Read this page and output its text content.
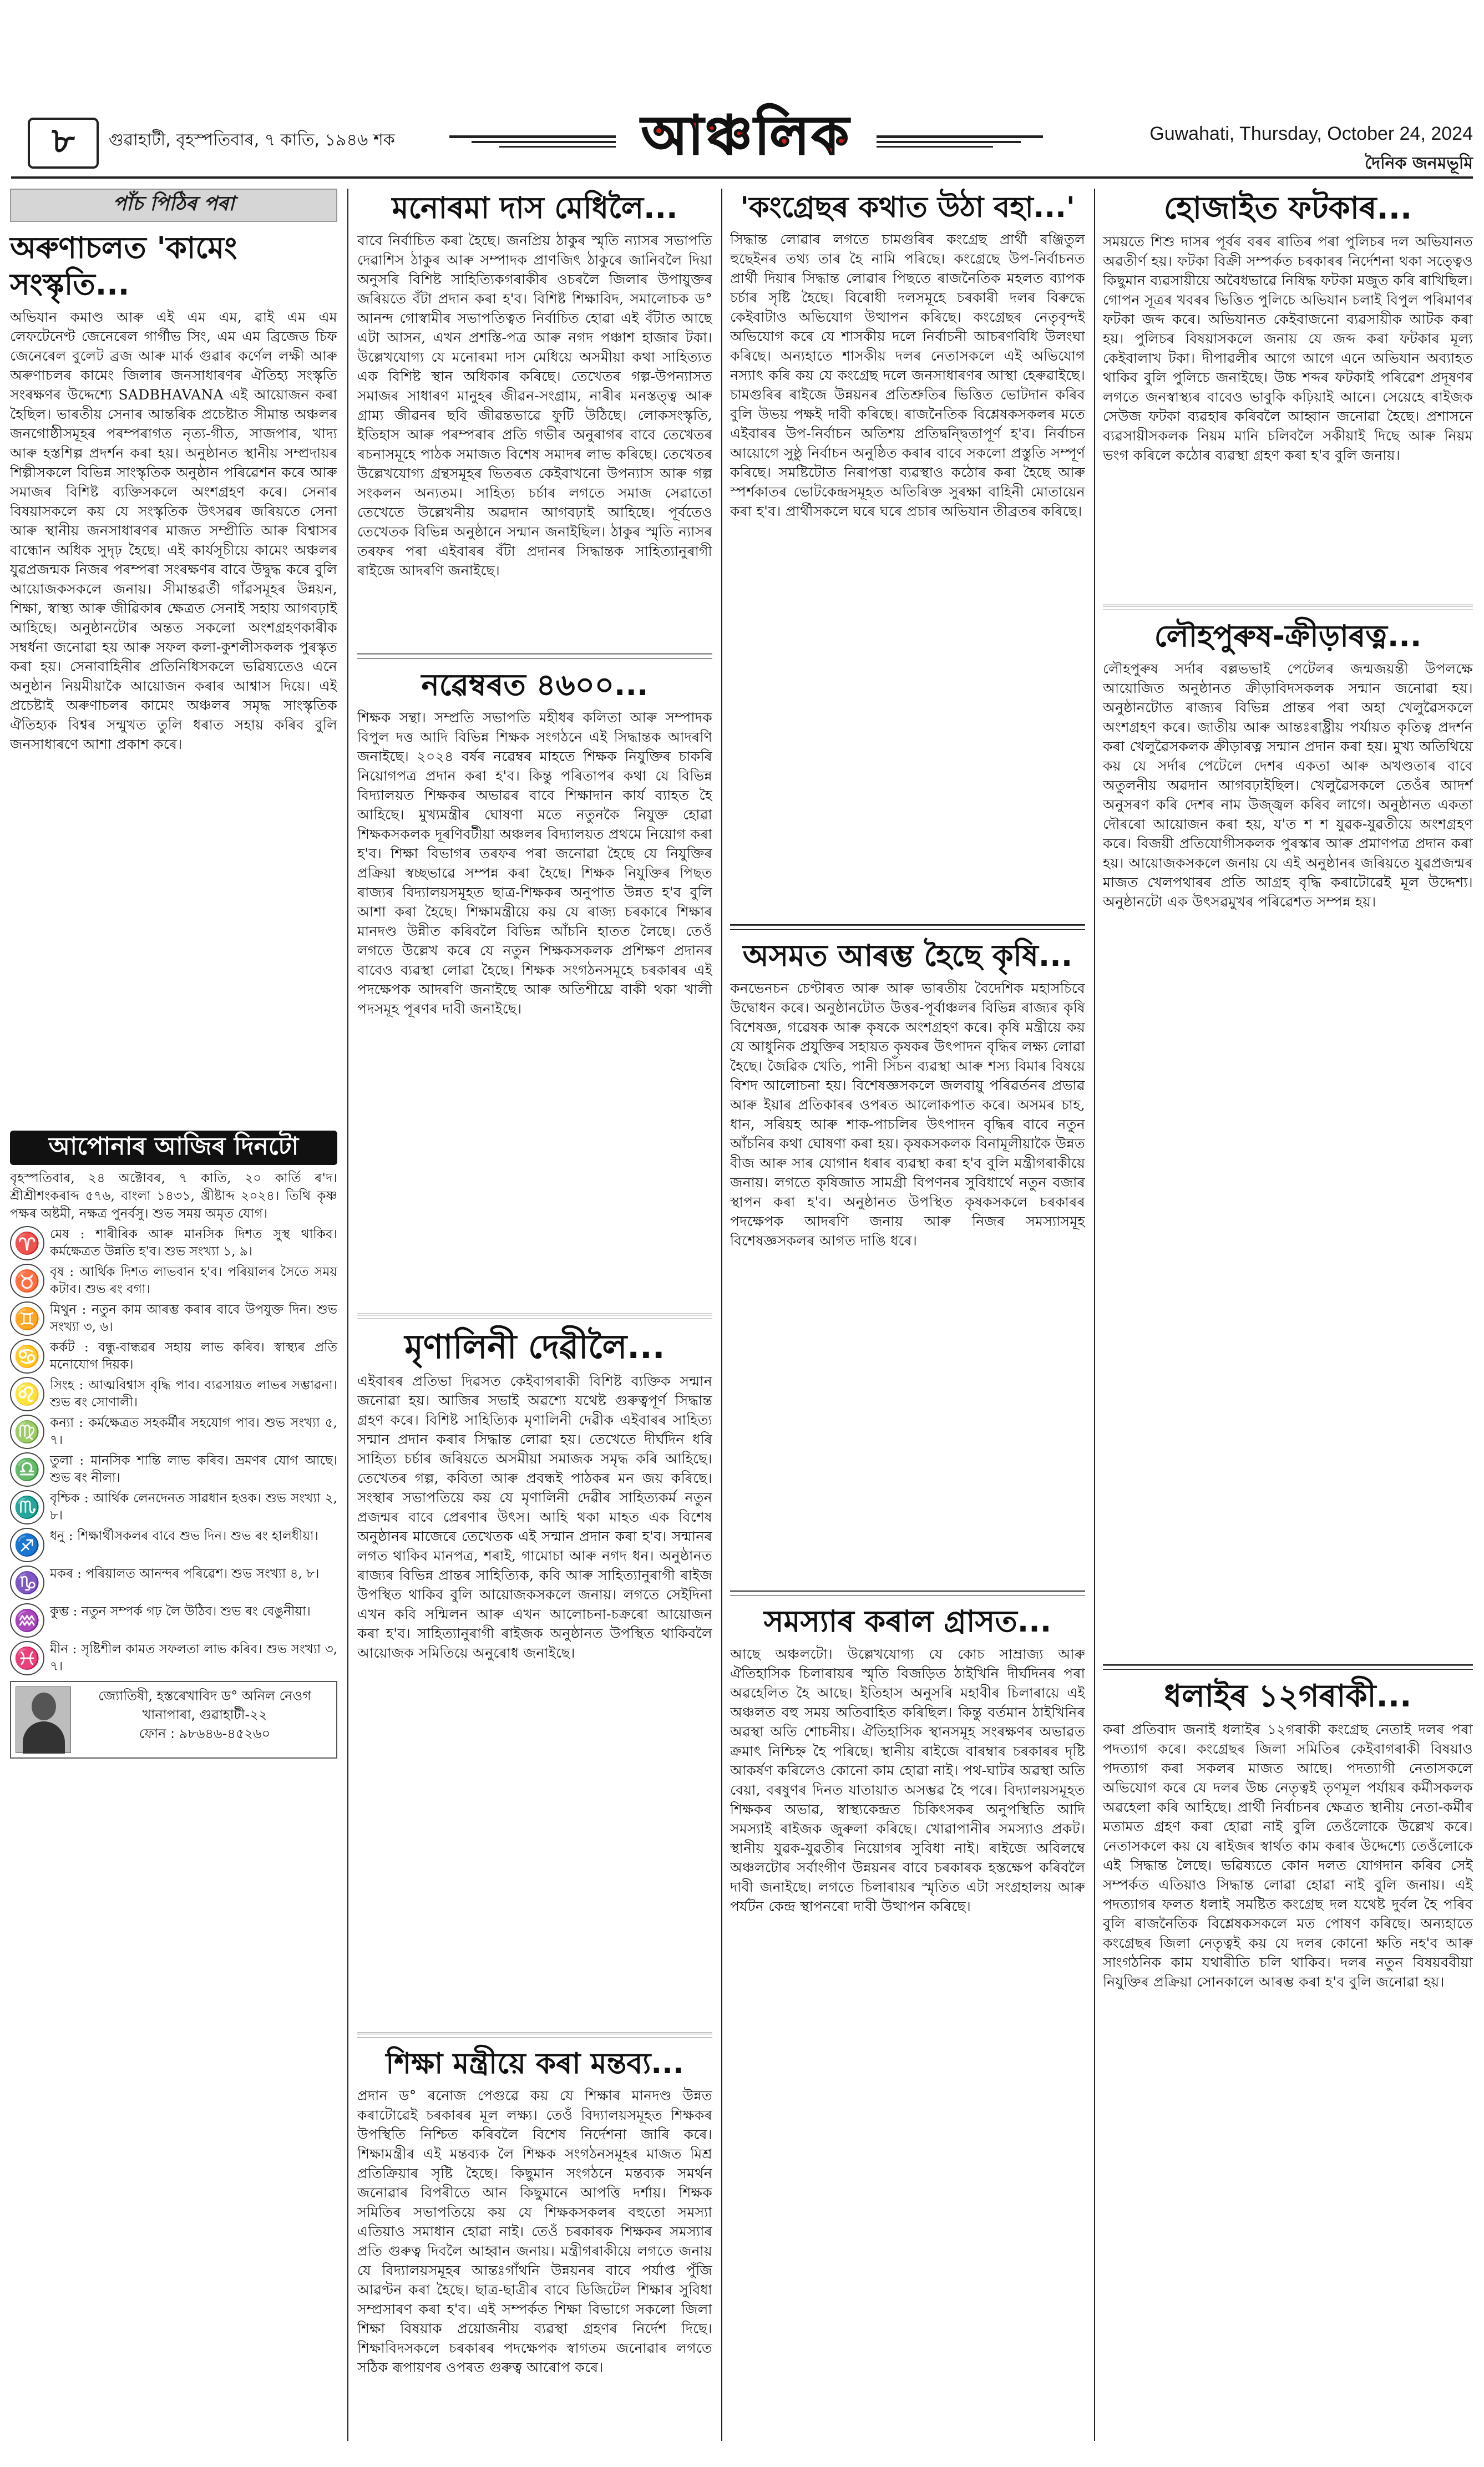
৮	গুৱাহাটী, বৃহস্পতিবাৰ, ৭ কাতি, ১৯৪৬ শক	আঞ্চলিক	Guwahati, Thursday, October 24, 2024
দৈনিক জনমভূমি
পাঁচ পিঠিৰ পৰা
অৰুণাচলত 'কামেং সংস্কৃতি...
অভিযান কমাণ্ড আৰু এই এম এম, ৱাই এম এম লেফটেনেণ্ট জেনেৰেল গাৰ্গীভ সিং, এম এম ব্ৰিজেড চিফ জেনেৰেল বুলেট ব্ৰজ আৰু মাৰ্ক গুৱাৰ কৰ্ণেল লক্ষী আৰু অৰুণাচলৰ কামেং জিলাৰ জনসাধাৰণৰ ঐতিহ্য সংস্কৃতি সংৰক্ষণৰ উদ্দেশ্যে SADBHAVANA এই আয়োজন কৰা হৈছিল। ভাৰতীয় সেনাৰ আন্তৰিক প্ৰচেষ্টাত সীমান্ত অঞ্চলৰ জনগোষ্ঠীসমূহৰ পৰম্পৰাগত নৃত্য-গীত, সাজপাৰ, খাদ্য আৰু হস্তশিল্প প্ৰদৰ্শন কৰা হয়। অনুষ্ঠানত স্থানীয় সম্প্ৰদায়ৰ শিল্পীসকলে বিভিন্ন সাংস্কৃতিক অনুষ্ঠান পৰিৱেশন কৰে আৰু সমাজৰ বিশিষ্ট ব্যক্তিসকলে অংশগ্ৰহণ কৰে। সেনাৰ বিষয়াসকলে কয় যে সংস্কৃতিক উৎসৱৰ জৰিয়তে সেনা আৰু স্থানীয় জনসাধাৰণৰ মাজত সম্প্ৰীতি আৰু বিশ্বাসৰ বান্ধোন অধিক সুদৃঢ় হৈছে। এই কাৰ্যসূচীয়ে কামেং অঞ্চলৰ যুৱপ্ৰজন্মক নিজৰ পৰম্পৰা সংৰক্ষণৰ বাবে উদ্বুদ্ধ কৰে বুলি আয়োজকসকলে জনায়। সীমান্তৱৰ্তী গাঁৱসমূহৰ উন্নয়ন, শিক্ষা, স্বাস্থ্য আৰু জীৱিকাৰ ক্ষেত্ৰত সেনাই সহায় আগবঢ়াই আহিছে। অনুষ্ঠানটোৰ অন্তত সকলো অংশগ্ৰহণকাৰীক সম্বৰ্ধনা জনোৱা হয় আৰু সফল কলা-কুশলীসকলক পুৰস্কৃত কৰা হয়। সেনাবাহিনীৰ প্ৰতিনিধিসকলে ভৱিষ্যতেও এনে অনুষ্ঠান নিয়মীয়াকৈ আয়োজন কৰাৰ আশ্বাস দিয়ে। এই প্ৰচেষ্টাই অৰুণাচলৰ কামেং অঞ্চলৰ সমৃদ্ধ সাংস্কৃতিক ঐতিহ্যক বিশ্বৰ সন্মুখত তুলি ধৰাত সহায় কৰিব বুলি জনসাধাৰণে আশা প্ৰকাশ কৰে।
আপোনাৰ আজিৰ দিনটো
বৃহস্পতিবাৰ, ২৪ অক্টোবৰ, ৭ কাতি, ২০ কাৰ্তি ৰ'দ। শ্ৰীশ্ৰীশংকৰাব্দ ৫৭৬, বাংলা ১৪৩১, খ্ৰীষ্টাব্দ ২০২৪। তিথি কৃষ্ণ পক্ষৰ অষ্টমী, নক্ষত্ৰ পুনৰ্বসু। শুভ সময় অমৃত যোগ।
♈ মেষ : শাৰীৰিক আৰু মানসিক দিশত সুস্থ থাকিব। কৰ্মক্ষেত্ৰত উন্নতি হ'ব। শুভ সংখ্যা ১, ৯।
♉ বৃষ : আৰ্থিক দিশত লাভবান হ'ব। পৰিয়ালৰ সৈতে সময় কটাব। শুভ ৰং বগা।
♊ মিথুন : নতুন কাম আৰম্ভ কৰাৰ বাবে উপযুক্ত দিন। শুভ সংখ্যা ৩, ৬।
♋ কৰ্কট : বন্ধু-বান্ধৱৰ সহায় লাভ কৰিব। স্বাস্থ্যৰ প্ৰতি মনোযোগ দিয়ক।
♌ সিংহ : আত্মবিশ্বাস বৃদ্ধি পাব। ব্যৱসায়ত লাভৰ সম্ভাৱনা। শুভ ৰং সোণালী।
♍ কন্যা : কৰ্মক্ষেত্ৰত সহকৰ্মীৰ সহযোগ পাব। শুভ সংখ্যা ৫, ৭।
♎ তুলা : মানসিক শান্তি লাভ কৰিব। ভ্ৰমণৰ যোগ আছে। শুভ ৰং নীলা।
♏ বৃশ্চিক : আৰ্থিক লেনদেনত সাৱধান হওক। শুভ সংখ্যা ২, ৮।
♐ ধনু : শিক্ষাৰ্থীসকলৰ বাবে শুভ দিন। শুভ ৰং হালধীয়া।
♑ মকৰ : পৰিয়ালত আনন্দৰ পৰিৱেশ। শুভ সংখ্যা ৪, ৮।
♒ কুম্ভ : নতুন সম্পৰ্ক গঢ় লৈ উঠিব। শুভ ৰং বেঙুনীয়া।
♓ মীন : সৃষ্টিশীল কামত সফলতা লাভ কৰিব। শুভ সংখ্যা ৩, ৭।
জ্যোতিষী, হস্তৰেখাবিদ ড° অনিল নেওগ
খানাপাৰা, গুৱাহাটী-২২
ফোন : ৯৮৬৪৬-৪৫২৬০
মনোৰমা দাস মেধিলৈ...
বাবে নিৰ্বাচিত কৰা হৈছে। জনপ্ৰিয় ঠাকুৰ স্মৃতি ন্যাসৰ সভাপতি দেৱাশিস ঠাকুৰ আৰু সম্পাদক প্ৰাণজিৎ ঠাকুৰে জানিবলৈ দিয়া অনুসৰি বিশিষ্ট সাহিত্যিকগৰাকীৰ ওচৰলৈ জিলাৰ উপায়ুক্তৰ জৰিয়তে বঁটা প্ৰদান কৰা হ'ব। বিশিষ্ট শিক্ষাবিদ, সমালোচক ড° আনন্দ গোস্বামীৰ সভাপতিত্বত নিৰ্বাচিত হোৱা এই বঁটাত আছে এটা আসন, এখন প্ৰশস্তি-পত্ৰ আৰু নগদ পঞ্চাশ হাজাৰ টকা। উল্লেখযোগ্য যে মনোৰমা দাস মেধিয়ে অসমীয়া কথা সাহিত্যত এক বিশিষ্ট স্থান অধিকাৰ কৰিছে। তেখেতৰ গল্প-উপন্যাসত সমাজৰ সাধাৰণ মানুহৰ জীৱন-সংগ্ৰাম, নাৰীৰ মনস্তত্ত্ব আৰু গ্ৰাম্য জীৱনৰ ছবি জীৱন্তভাৱে ফুটি উঠিছে। লোকসংস্কৃতি, ইতিহাস আৰু পৰম্পৰাৰ প্ৰতি গভীৰ অনুৰাগৰ বাবে তেখেতৰ ৰচনাসমূহে পাঠক সমাজত বিশেষ সমাদৰ লাভ কৰিছে। তেখেতৰ উল্লেখযোগ্য গ্ৰন্থসমূহৰ ভিতৰত কেইবাখনো উপন্যাস আৰু গল্প সংকলন অন্যতম। সাহিত্য চৰ্চাৰ লগতে সমাজ সেৱাতো তেখেতে উল্লেখনীয় অৱদান আগবঢ়াই আহিছে। পূৰ্বতেও তেখেতক বিভিন্ন অনুষ্ঠানে সন্মান জনাইছিল। ঠাকুৰ স্মৃতি ন্যাসৰ তৰফৰ পৰা এইবাৰৰ বঁটা প্ৰদানৰ সিদ্ধান্তক সাহিত্যানুৰাগী ৰাইজে আদৰণি জনাইছে।
নৱেম্বৰত ৪৬০০...
শিক্ষক সন্থা। সম্প্ৰতি সভাপতি মহীধৰ কলিতা আৰু সম্পাদক বিপুল দত্ত আদি বিভিন্ন শিক্ষক সংগঠনে এই সিদ্ধান্তক আদৰণি জনাইছে। ২০২৪ বৰ্ষৰ নৱেম্বৰ মাহতে শিক্ষক নিযুক্তিৰ চাকৰি নিয়োগপত্ৰ প্ৰদান কৰা হ'ব। কিন্তু পৰিতাপৰ কথা যে বিভিন্ন বিদ্যালয়ত শিক্ষকৰ অভাৱৰ বাবে শিক্ষাদান কাৰ্য ব্যাহত হৈ আহিছে। মুখ্যমন্ত্ৰীৰ ঘোষণা মতে নতুনকৈ নিযুক্ত হোৱা শিক্ষকসকলক দূৰণিবটীয়া অঞ্চলৰ বিদ্যালয়ত প্ৰথমে নিয়োগ কৰা হ'ব। শিক্ষা বিভাগৰ তৰফৰ পৰা জনোৱা হৈছে যে নিযুক্তিৰ প্ৰক্ৰিয়া স্বচ্ছভাৱে সম্পন্ন কৰা হৈছে। শিক্ষক নিযুক্তিৰ পিছত ৰাজ্যৰ বিদ্যালয়সমূহত ছাত্ৰ-শিক্ষকৰ অনুপাত উন্নত হ'ব বুলি আশা কৰা হৈছে। শিক্ষামন্ত্ৰীয়ে কয় যে ৰাজ্য চৰকাৰে শিক্ষাৰ মানদণ্ড উন্নীত কৰিবলৈ বিভিন্ন আঁচনি হাতত লৈছে। তেওঁ লগতে উল্লেখ কৰে যে নতুন শিক্ষকসকলক প্ৰশিক্ষণ প্ৰদানৰ বাবেও ব্যৱস্থা লোৱা হৈছে। শিক্ষক সংগঠনসমূহে চৰকাৰৰ এই পদক্ষেপক আদৰণি জনাইছে আৰু অতিশীঘ্ৰে বাকী থকা খালী পদসমূহ পূৰণৰ দাবী জনাইছে।
মৃণালিনী দেৱীলৈ...
এইবাৰৰ প্ৰতিভা দিৱসত কেইবাগৰাকী বিশিষ্ট ব্যক্তিক সন্মান জনোৱা হয়। আজিৰ সভাই অৱশ্যে যথেষ্ট গুৰুত্বপূৰ্ণ সিদ্ধান্ত গ্ৰহণ কৰে। বিশিষ্ট সাহিত্যিক মৃণালিনী দেৱীক এইবাৰৰ সাহিত্য সন্মান প্ৰদান কৰাৰ সিদ্ধান্ত লোৱা হয়। তেখেতে দীৰ্ঘদিন ধৰি সাহিত্য চৰ্চাৰ জৰিয়তে অসমীয়া সমাজক সমৃদ্ধ কৰি আহিছে। তেখেতৰ গল্প, কবিতা আৰু প্ৰবন্ধই পাঠকৰ মন জয় কৰিছে। সংস্থাৰ সভাপতিয়ে কয় যে মৃণালিনী দেৱীৰ সাহিত্যকৰ্ম নতুন প্ৰজন্মৰ বাবে প্ৰেৰণাৰ উৎস। আহি থকা মাহত এক বিশেষ অনুষ্ঠানৰ মাজেৰে তেখেতক এই সন্মান প্ৰদান কৰা হ'ব। সন্মানৰ লগত থাকিব মানপত্ৰ, শৰাই, গামোচা আৰু নগদ ধন। অনুষ্ঠানত ৰাজ্যৰ বিভিন্ন প্ৰান্তৰ সাহিত্যিক, কবি আৰু সাহিত্যানুৰাগী ৰাইজ উপস্থিত থাকিব বুলি আয়োজকসকলে জনায়। লগতে সেইদিনা এখন কবি সন্মিলন আৰু এখন আলোচনা-চক্ৰৰো আয়োজন কৰা হ'ব। সাহিত্যানুৰাগী ৰাইজক অনুষ্ঠানত উপস্থিত থাকিবলৈ আয়োজক সমিতিয়ে অনুৰোধ জনাইছে।
শিক্ষা মন্ত্ৰীয়ে কৰা মন্তব্য...
প্ৰদান ড° ৰনোজ পেগুৱে কয় যে শিক্ষাৰ মানদণ্ড উন্নত কৰাটোৱেই চৰকাৰৰ মূল লক্ষ্য। তেওঁ বিদ্যালয়সমূহত শিক্ষকৰ উপস্থিতি নিশ্চিত কৰিবলৈ বিশেষ নিৰ্দেশনা জাৰি কৰে। শিক্ষামন্ত্ৰীৰ এই মন্তব্যক লৈ শিক্ষক সংগঠনসমূহৰ মাজত মিশ্ৰ প্ৰতিক্ৰিয়াৰ সৃষ্টি হৈছে। কিছুমান সংগঠনে মন্তব্যক সমৰ্থন জনোৱাৰ বিপৰীতে আন কিছুমানে আপত্তি দৰ্শায়। শিক্ষক সমিতিৰ সভাপতিয়ে কয় যে শিক্ষকসকলৰ বহুতো সমস্যা এতিয়াও সমাধান হোৱা নাই। তেওঁ চৰকাৰক শিক্ষকৰ সমস্যাৰ প্ৰতি গুৰুত্ব দিবলৈ আহ্বান জনায়। মন্ত্ৰীগৰাকীয়ে লগতে জনায় যে বিদ্যালয়সমূহৰ আন্তঃগাঁথনি উন্নয়নৰ বাবে পৰ্যাপ্ত পুঁজি আৱণ্টন কৰা হৈছে। ছাত্ৰ-ছাত্ৰীৰ বাবে ডিজিটেল শিক্ষাৰ সুবিধা সম্প্ৰসাৰণ কৰা হ'ব। এই সম্পৰ্কত শিক্ষা বিভাগে সকলো জিলা শিক্ষা বিষয়াক প্ৰয়োজনীয় ব্যৱস্থা গ্ৰহণৰ নিৰ্দেশ দিছে। শিক্ষাবিদসকলে চৰকাৰৰ পদক্ষেপক স্বাগতম জনোৱাৰ লগতে সঠিক ৰূপায়ণৰ ওপৰত গুৰুত্ব আৰোপ কৰে।
'কংগ্ৰেছৰ কথাত উঠা বহা...'
সিদ্ধান্ত লোৱাৰ লগতে চামগুৰিৰ কংগ্ৰেছ প্ৰাৰ্থী ৰঞ্জিতুল হুছেইনৰ তথ্য তাৰ হৈ নামি পৰিছে। কংগ্ৰেছে উপ-নিৰ্বাচনত প্ৰাৰ্থী দিয়াৰ সিদ্ধান্ত লোৱাৰ পিছতে ৰাজনৈতিক মহলত ব্যাপক চৰ্চাৰ সৃষ্টি হৈছে। বিৰোধী দলসমূহে চৰকাৰী দলৰ বিৰুদ্ধে কেইবাটাও অভিযোগ উত্থাপন কৰিছে। কংগ্ৰেছৰ নেতৃবৃন্দই অভিযোগ কৰে যে শাসকীয় দলে নিৰ্বাচনী আচৰণবিধি উলংঘা কৰিছে। অন্যহাতে শাসকীয় দলৰ নেতাসকলে এই অভিযোগ নস্যাৎ কৰি কয় যে কংগ্ৰেছ দলে জনসাধাৰণৰ আস্থা হেৰুৱাইছে। চামগুৰিৰ ৰাইজে উন্নয়নৰ প্ৰতিশ্ৰুতিৰ ভিত্তিত ভোটদান কৰিব বুলি উভয় পক্ষই দাবী কৰিছে। ৰাজনৈতিক বিশ্লেষকসকলৰ মতে এইবাৰৰ উপ-নিৰ্বাচন অতিশয় প্ৰতিদ্বন্দ্বিতাপূৰ্ণ হ'ব। নিৰ্বাচন আয়োগে সুষ্ঠু নিৰ্বাচন অনুষ্ঠিত কৰাৰ বাবে সকলো প্ৰস্তুতি সম্পূৰ্ণ কৰিছে। সমষ্টিটোত নিৰাপত্তা ব্যৱস্থাও কঠোৰ কৰা হৈছে আৰু স্পৰ্শকাতৰ ভোটকেন্দ্ৰসমূহত অতিৰিক্ত সুৰক্ষা বাহিনী মোতায়েন কৰা হ'ব। প্ৰাৰ্থীসকলে ঘৰে ঘৰে প্ৰচাৰ অভিযান তীব্ৰতৰ কৰিছে।
অসমত আৰম্ভ হৈছে কৃষি...
কনভেনচন চেণ্টাৰত আৰু আৰু ভাৰতীয় বৈদেশিক মহাসচিবে উদ্বোধন কৰে। অনুষ্ঠানটোত উত্তৰ-পূৰ্বাঞ্চলৰ বিভিন্ন ৰাজ্যৰ কৃষি বিশেষজ্ঞ, গৱেষক আৰু কৃষকে অংশগ্ৰহণ কৰে। কৃষি মন্ত্ৰীয়ে কয় যে আধুনিক প্ৰযুক্তিৰ সহায়ত কৃষকৰ উৎপাদন বৃদ্ধিৰ লক্ষ্য লোৱা হৈছে। জৈৱিক খেতি, পানী সিঁচন ব্যৱস্থা আৰু শস্য বিমাৰ বিষয়ে বিশদ আলোচনা হয়। বিশেষজ্ঞসকলে জলবায়ু পৰিৱৰ্তনৰ প্ৰভাৱ আৰু ইয়াৰ প্ৰতিকাৰৰ ওপৰত আলোকপাত কৰে। অসমৰ চাহ, ধান, সৰিয়হ আৰু শাক-পাচলিৰ উৎপাদন বৃদ্ধিৰ বাবে নতুন আঁচনিৰ কথা ঘোষণা কৰা হয়। কৃষকসকলক বিনামূলীয়াকৈ উন্নত বীজ আৰু সাৰ যোগান ধৰাৰ ব্যৱস্থা কৰা হ'ব বুলি মন্ত্ৰীগৰাকীয়ে জনায়। লগতে কৃষিজাত সামগ্ৰী বিপণনৰ সুবিধাৰ্থে নতুন বজাৰ স্থাপন কৰা হ'ব। অনুষ্ঠানত উপস্থিত কৃষকসকলে চৰকাৰৰ পদক্ষেপক আদৰণি জনায় আৰু নিজৰ সমস্যাসমূহ বিশেষজ্ঞসকলৰ আগত দাঙি ধৰে।
সমস্যাৰ কৰাল গ্ৰাসত...
আছে অঞ্চলটো। উল্লেখযোগ্য যে কোচ সাম্ৰাজ্য আৰু ঐতিহাসিক চিলাৰায়ৰ স্মৃতি বিজড়িত ঠাইখিনি দীৰ্ঘদিনৰ পৰা অৱহেলিত হৈ আছে। ইতিহাস অনুসৰি মহাবীৰ চিলাৰায়ে এই অঞ্চলত বহু সময় অতিবাহিত কৰিছিল। কিন্তু বৰ্তমান ঠাইখিনিৰ অৱস্থা অতি শোচনীয়। ঐতিহাসিক স্থানসমূহ সংৰক্ষণৰ অভাৱত ক্ৰমাৎ নিশ্চিহ্ন হৈ পৰিছে। স্থানীয় ৰাইজে বাৰম্বাৰ চৰকাৰৰ দৃষ্টি আকৰ্ষণ কৰিলেও কোনো কাম হোৱা নাই। পথ-ঘাটৰ অৱস্থা অতি বেয়া, বৰষুণৰ দিনত যাতায়াত অসম্ভৱ হৈ পৰে। বিদ্যালয়সমূহত শিক্ষকৰ অভাৱ, স্বাস্থ্যকেন্দ্ৰত চিকিৎসকৰ অনুপস্থিতি আদি সমস্যাই ৰাইজক জুৰুলা কৰিছে। খোৱাপানীৰ সমস্যাও প্ৰকট। স্থানীয় যুৱক-যুৱতীৰ নিয়োগৰ সুবিধা নাই। ৰাইজে অবিলম্বে অঞ্চলটোৰ সৰ্বাংগীণ উন্নয়নৰ বাবে চৰকাৰক হস্তক্ষেপ কৰিবলৈ দাবী জনাইছে। লগতে চিলাৰায়ৰ স্মৃতিত এটা সংগ্ৰহালয় আৰু পৰ্যটন কেন্দ্ৰ স্থাপনৰো দাবী উত্থাপন কৰিছে।
হোজাইত ফটকাৰ...
সময়তে শিশু দাসৰ পূৰ্বৰ বৰৰ ৰাতিৰ পৰা পুলিচৰ দল অভিযানত অৱতীৰ্ণ হয়। ফটকা বিক্ৰী সম্পৰ্কত চৰকাৰৰ নিৰ্দেশনা থকা সত্ত্বেও কিছুমান ব্যৱসায়ীয়ে অবৈধভাৱে নিষিদ্ধ ফটকা মজুত কৰি ৰাখিছিল। গোপন সূত্ৰৰ খবৰৰ ভিত্তিত পুলিচে অভিযান চলাই বিপুল পৰিমাণৰ ফটকা জব্দ কৰে। অভিযানত কেইবাজনো ব্যৱসায়ীক আটক কৰা হয়। পুলিচৰ বিষয়াসকলে জনায় যে জব্দ কৰা ফটকাৰ মূল্য কেইবালাখ টকা। দীপাৱলীৰ আগে আগে এনে অভিযান অব্যাহত থাকিব বুলি পুলিচে জনাইছে। উচ্চ শব্দৰ ফটকাই পৰিৱেশ প্ৰদূষণৰ লগতে জনস্বাস্থ্যৰ বাবেও ভাবুকি কঢ়িয়াই আনে। সেয়েহে ৰাইজক সেউজ ফটকা ব্যৱহাৰ কৰিবলৈ আহ্বান জনোৱা হৈছে। প্ৰশাসনে ব্যৱসায়ীসকলক নিয়ম মানি চলিবলৈ সকীয়াই দিছে আৰু নিয়ম ভংগ কৰিলে কঠোৰ ব্যৱস্থা গ্ৰহণ কৰা হ'ব বুলি জনায়।
লৌহপুৰুষ-ক্ৰীড়াৰত্ন...
লৌহপুৰুষ সৰ্দাৰ বল্লভভাই পেটেলৰ জন্মজয়ন্তী উপলক্ষে আয়োজিত অনুষ্ঠানত ক্ৰীড়াবিদসকলক সন্মান জনোৱা হয়। অনুষ্ঠানটোত ৰাজ্যৰ বিভিন্ন প্ৰান্তৰ পৰা অহা খেলুৱৈসকলে অংশগ্ৰহণ কৰে। জাতীয় আৰু আন্তঃৰাষ্ট্ৰীয় পৰ্যায়ত কৃতিত্ব প্ৰদৰ্শন কৰা খেলুৱৈসকলক ক্ৰীড়াৰত্ন সন্মান প্ৰদান কৰা হয়। মুখ্য অতিথিয়ে কয় যে সৰ্দাৰ পেটেলে দেশৰ একতা আৰু অখণ্ডতাৰ বাবে অতুলনীয় অৱদান আগবঢ়াইছিল। খেলুৱৈসকলে তেওঁৰ আদৰ্শ অনুসৰণ কৰি দেশৰ নাম উজ্জ্বল কৰিব লাগে। অনুষ্ঠানত একতা দৌৰৰো আয়োজন কৰা হয়, য'ত শ শ যুৱক-যুৱতীয়ে অংশগ্ৰহণ কৰে। বিজয়ী প্ৰতিযোগীসকলক পুৰস্কাৰ আৰু প্ৰমাণপত্ৰ প্ৰদান কৰা হয়। আয়োজকসকলে জনায় যে এই অনুষ্ঠানৰ জৰিয়তে যুৱপ্ৰজন্মৰ মাজত খেলপথাৰৰ প্ৰতি আগ্ৰহ বৃদ্ধি কৰাটোৱেই মূল উদ্দেশ্য। অনুষ্ঠানটো এক উৎসৱমুখৰ পৰিৱেশত সম্পন্ন হয়।
ধলাইৰ ১২গৰাকী...
কৰা প্ৰতিবাদ জনাই ধলাইৰ ১২গৰাকী কংগ্ৰেছ নেতাই দলৰ পৰা পদত্যাগ কৰে। কংগ্ৰেছৰ জিলা সমিতিৰ কেইবাগৰাকী বিষয়াও পদত্যাগ কৰা সকলৰ মাজত আছে। পদত্যাগী নেতাসকলে অভিযোগ কৰে যে দলৰ উচ্চ নেতৃত্বই তৃণমূল পৰ্যায়ৰ কৰ্মীসকলক অৱহেলা কৰি আহিছে। প্ৰাৰ্থী নিৰ্বাচনৰ ক্ষেত্ৰত স্থানীয় নেতা-কৰ্মীৰ মতামত গ্ৰহণ কৰা হোৱা নাই বুলি তেওঁলোকে উল্লেখ কৰে। নেতাসকলে কয় যে ৰাইজৰ স্বাৰ্থত কাম কৰাৰ উদ্দেশ্যে তেওঁলোকে এই সিদ্ধান্ত লৈছে। ভৱিষ্যতে কোন দলত যোগদান কৰিব সেই সম্পৰ্কত এতিয়াও সিদ্ধান্ত লোৱা হোৱা নাই বুলি জনায়। এই পদত্যাগৰ ফলত ধলাই সমষ্টিত কংগ্ৰেছ দল যথেষ্ট দুৰ্বল হৈ পৰিব বুলি ৰাজনৈতিক বিশ্লেষকসকলে মত পোষণ কৰিছে। অন্যহাতে কংগ্ৰেছৰ জিলা নেতৃত্বই কয় যে দলৰ কোনো ক্ষতি নহ'ব আৰু সাংগঠনিক কাম যথাৰীতি চলি থাকিব। দলৰ নতুন বিষয়ববীয়া নিযুক্তিৰ প্ৰক্ৰিয়া সোনকালে আৰম্ভ কৰা হ'ব বুলি জনোৱা হয়।
